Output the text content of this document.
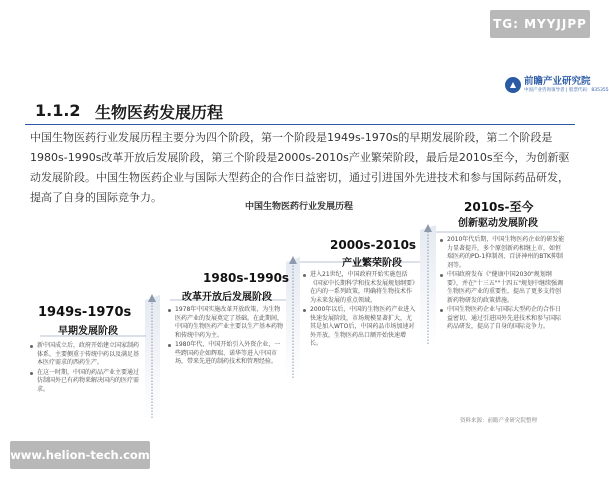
TG: MYYJJPP
前瞻产业研究院
中国产业咨询领导者 | 股票代码：835355
1.1.2 生物医药发展历程

中国生物医药行业发展历程主要分为四个阶段，第一个阶段是1949s-1970s的早期发展阶段，第二个阶段是1980s-1990s改革开放后发展阶段，第三个阶段是2000s-2010s产业繁荣阶段，最后是2010s至今，为创新驱动发展阶段。中国生物医药企业与国际大型药企的合作日益密切，通过引进国外先进技术和参与国际药品研发，提高了自身的国际竞争力。

中国生物医药行业发展历程
1949s-1970s
早期发展阶段
新中国成立后，政府开始建立国家制药体系，主要侧重于传统中药以及满足基本医疗需求的西药生产。
在这一时期，中国的药品产业主要通过仿制国外已有药物来解决国内的医疗需求。
1980s-1990s
改革开放后发展阶段
1978年中国实施改革开放政策，为生物医药产业的发展奠定了基础。在此期间，中国的生物医药产业主要以生产基本药物和传统中药为主。
1980年代，中国开始引入外资企业，一些跨国药企如辉瑞、诺华等进入中国市场，带来先进的制药技术和管理经验。
2000s-2010s
产业繁荣阶段
进入21世纪，中国政府开始实施包括《国家中长期科学和技术发展规划纲要》在内的一系列政策，明确将生物技术作为未来发展的重点领域。
2000年以后，中国的生物医药产业进入快速发展阶段，市场规模显著扩大，尤其是加入WTO后，中国药品市场加速对外开放，生物医药出口额开始快速增长。
2010s-至今
创新驱动发展阶段
2010年代后期，中国生物医药企业的研发能力显著提升，多个原创新药相继上市，如恒瑞医药的PD-1抑制剂、百济神州的BTK抑制剂等。
中国政府发布《"健康中国2030"规划纲要》，并在"十三五""十四五"规划中继续强调生物医药产业的重要性，提出了更多支持创新药物研发的政策措施。
中国生物医药企业与国际大型药企的合作日益密切，通过引进国外先进技术和参与国际药品研发，提高了自身的国际竞争力。
资料来源：前瞻产业研究院整理
www.helion-tech.com
